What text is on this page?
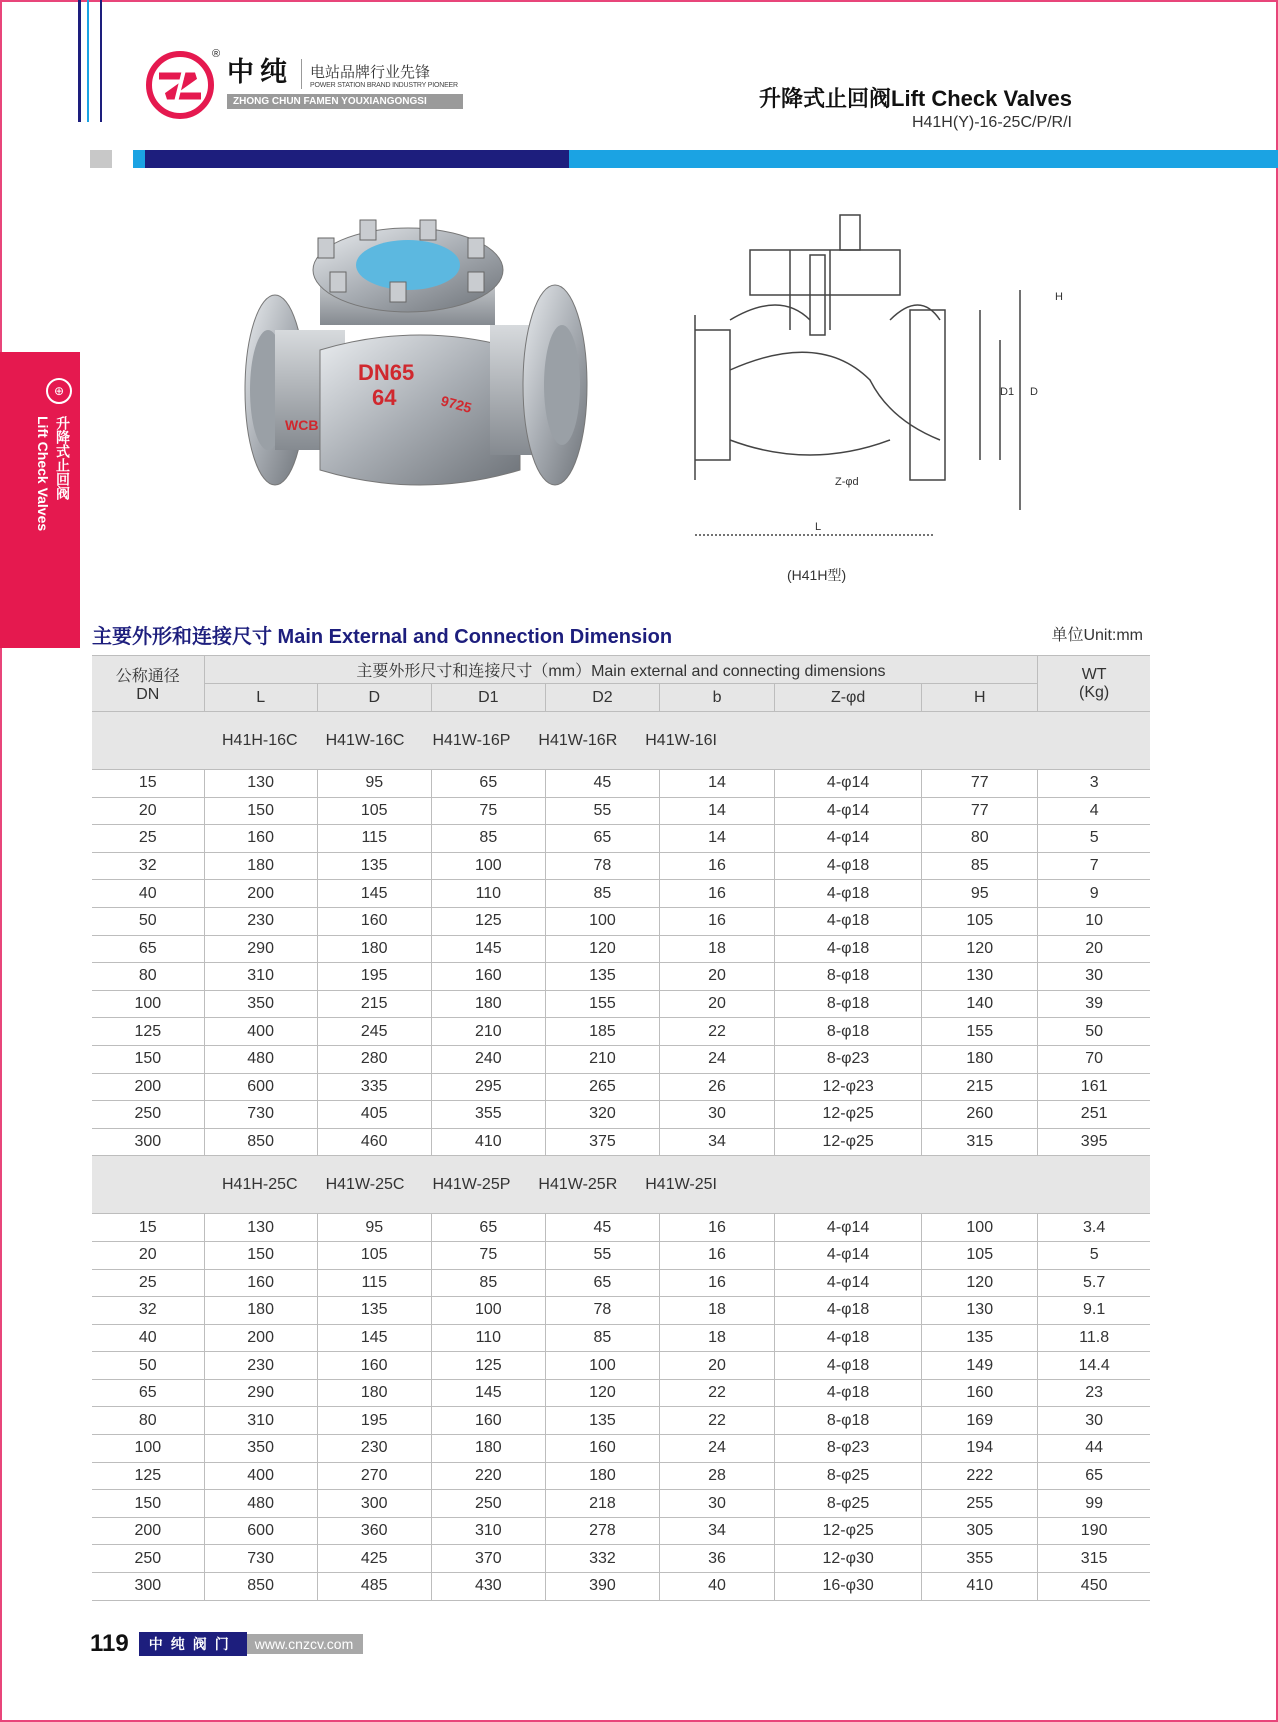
®
中纯 电站品牌行业先锋
POWER STATION BRAND INDUSTRY PIONEER
ZHONG CHUN FAMEN YOUXIANGONGSI	升降式止回阀Lift Check Valves
H41H(Y)-16-25C/P/R/I
⊕
升降式止回阀
Lift Check Valves
DN65
64	9725
WCB
Z-φd
D1 D
L
H
(H41H型)
主要外形和连接尺寸 Main External and Connection Dimension	单位Unit:mm
公称通径
DN	主要外形尺寸和连接尺寸（mm）Main external and connecting dimensions							WT
(Kg)
	L	D	D1	D2	b	Z-φd	H	

H41H-16C H41W-16C H41W-16P H41W-16R H41W-16I								

15	130	95	65	45	14	4-φ14	77	3
20	150	105	75	55	14	4-φ14	77	4
25	160	115	85	65	14	4-φ14	80	5
32	180	135	100	78	16	4-φ18	85	7
40	200	145	110	85	16	4-φ18	95	9
50	230	160	125	100	16	4-φ18	105	10
65	290	180	145	120	18	4-φ18	120	20
80	310	195	160	135	20	8-φ18	130	30
100	350	215	180	155	20	8-φ18	140	39
125	400	245	210	185	22	8-φ18	155	50
150	480	280	240	210	24	8-φ23	180	70
200	600	335	295	265	26	12-φ23	215	161
250	730	405	355	320	30	12-φ25	260	251
300	850	460	410	375	34	12-φ25	315	395

H41H-25C H41W-25C H41W-25P H41W-25R H41W-25I								

15	130	95	65	45	16	4-φ14	100	3.4
20	150	105	75	55	16	4-φ14	105	5
25	160	115	85	65	16	4-φ14	120	5.7
32	180	135	100	78	18	4-φ18	130	9.1
40	200	145	110	85	18	4-φ18	135	11.8
50	230	160	125	100	20	4-φ18	149	14.4
65	290	180	145	120	22	4-φ18	160	23
80	310	195	160	135	22	8-φ18	169	30
100	350	230	180	160	24	8-φ23	194	44
125	400	270	220	180	28	8-φ25	222	65
150	480	300	250	218	30	8-φ25	255	99
200	600	360	310	278	34	12-φ25	305	190
250	730	425	370	332	36	12-φ30	355	315
300	850	485	430	390	40	16-φ30	410	450
119	中纯阀门	www.cnzcv.com
